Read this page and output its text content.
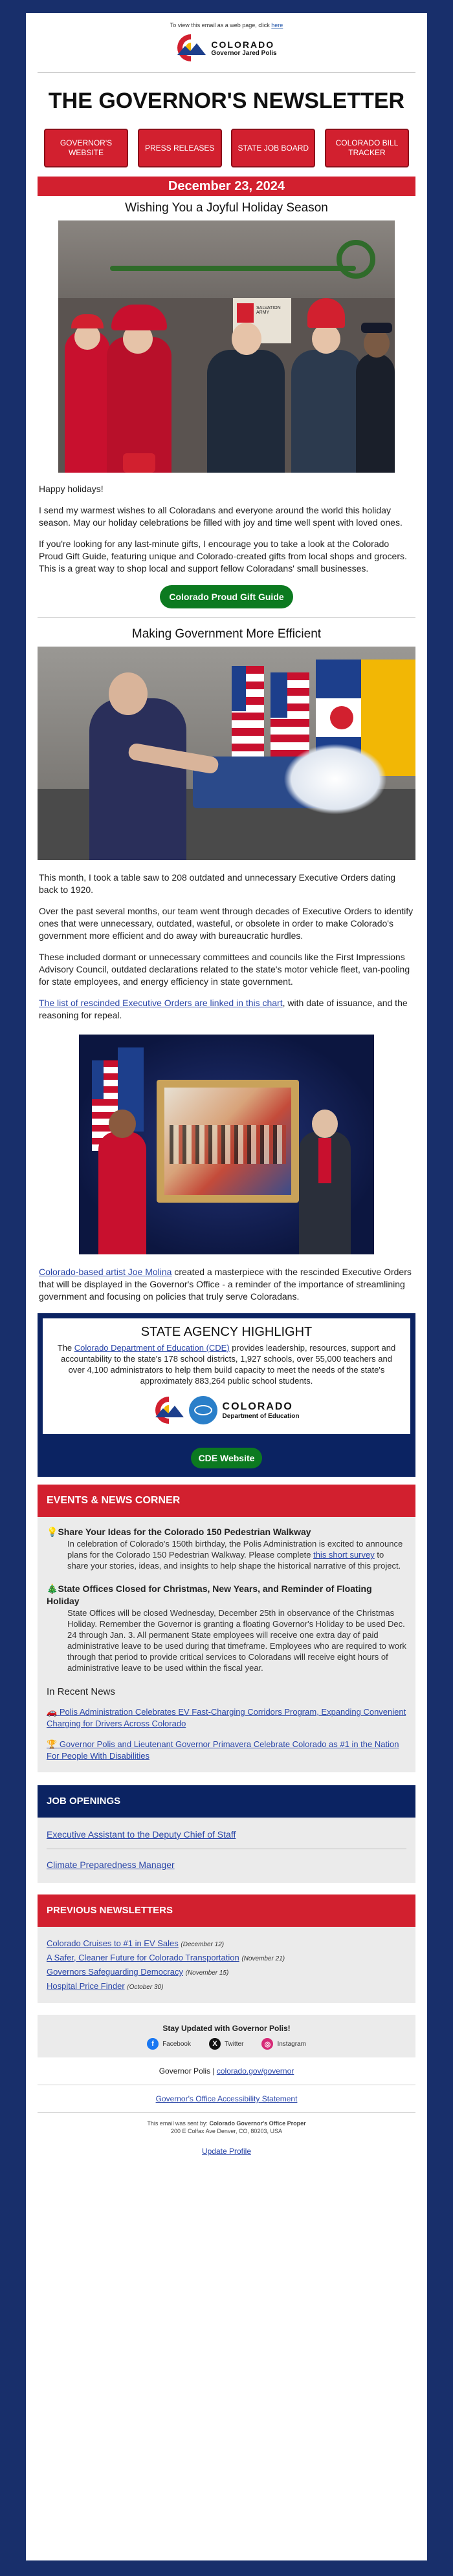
To view this email as a web page, click here
COLORADO
Governor Jared Polis
THE GOVERNOR'S NEWSLETTER
GOVERNOR'S WEBSITE
PRESS RELEASES	STATE JOB BOARD
COLORADO BILL TRACKER
December 23, 2024
Wishing You a Joyful Holiday Season
SALVATION ARMY
Happy holidays!
I send my warmest wishes to all Coloradans and everyone around the world this holiday season. May our holiday celebrations be filled with joy and time well spent with loved ones.
If you're looking for any last-minute gifts, I encourage you to take a look at the Colorado Proud Gift Guide, featuring unique and Colorado-created gifts from local shops and grocers. This is a great way to shop local and support fellow Coloradans' small businesses.
Colorado Proud Gift Guide
Making Government More Efficient
This month, I took a table saw to 208 outdated and unnecessary Executive Orders dating back to 1920.
Over the past several months, our team went through decades of Executive Orders to identify ones that were unnecessary, outdated, wasteful, or obsolete in order to make Colorado's government more efficient and do away with bureaucratic hurdles.
These included dormant or unnecessary committees and councils like the First Impressions Advisory Council, outdated declarations related to the state's motor vehicle fleet, van-pooling for state employees, and energy efficiency in state government.
The list of rescinded Executive Orders are linked in this chart, with date of issuance, and the reasoning for repeal.
Colorado-based artist Joe Molina created a masterpiece with the rescinded Executive Orders that will be displayed in the Governor's Office - a reminder of the importance of streamlining government and focusing on policies that truly serve Coloradans.
STATE AGENCY HIGHLIGHT
The Colorado Department of Education (CDE) provides leadership, resources, support and accountability to the state's 178 school districts, 1,927 schools, over 55,000 teachers and over 4,100 administrators to help them build capacity to meet the needs of the state's approximately 883,264 public school students.
COLORADO
Department of Education
CDE Website
EVENTS & NEWS CORNER
💡Share Your Ideas for the Colorado 150 Pedestrian Walkway
In celebration of Colorado's 150th birthday, the Polis Administration is excited to announce plans for the Colorado 150 Pedestrian Walkway. Please complete this short survey to share your stories, ideas, and insights to help shape the historical narrative of this project.
🎄State Offices Closed for Christmas, New Years, and Reminder of Floating Holiday
State Offices will be closed Wednesday, December 25th in observance of the Christmas Holiday. Remember the Governor is granting a floating Governor's Holiday to be used Dec. 24 through Jan. 3. All permanent State employees will receive one extra day of paid administrative leave to be used during that timeframe. Employees who are required to work through that period to provide critical services to Coloradans will receive eight hours of administrative leave to be used within the fiscal year.
In Recent News
🚗 Polis Administration Celebrates EV Fast-Charging Corridors Program, Expanding Convenient Charging for Drivers Across Colorado
🏆 Governor Polis and Lieutenant Governor Primavera Celebrate Colorado as #1 in the Nation For People With Disabilities
JOB OPENINGS
Executive Assistant to the Deputy Chief of Staff
Climate Preparedness Manager
PREVIOUS NEWSLETTERS
Colorado Cruises to #1 in EV Sales (December 12)
A Safer, Cleaner Future for Colorado Transportation (November 21)
Governors Safeguarding Democracy (November 15)
Hospital Price Finder (October 30)
Stay Updated with Governor Polis!
f	Facebook	X	Twitter	◎	Instagram
Governor Polis | colorado.gov/governor
Governor's Office Accessibility Statement
This email was sent by: Colorado Governor's Office Proper
200 E Colfax Ave Denver, CO, 80203, USA
Update Profile
